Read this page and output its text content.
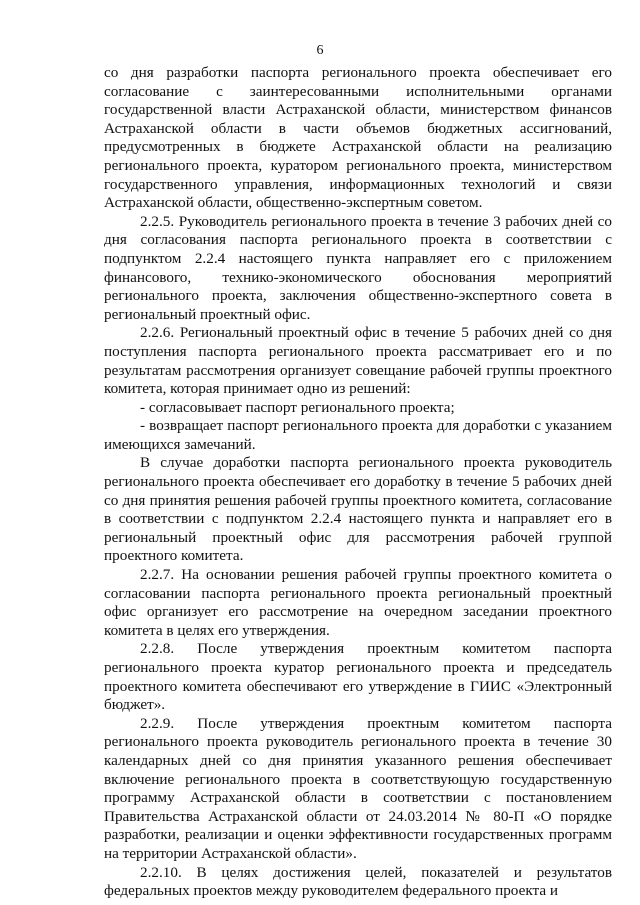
6

со дня разработки паспорта регионального проекта обеспечивает его согласование с заинтересованными исполнительными органами государственной власти Астраханской области, министерством финансов Астраханской области в части объемов бюджетных ассигнований, предусмотренных в бюджете Астраханской области на реализацию регионального проекта, куратором регионального проекта, министерством государственного управления, информационных технологий и связи Астраханской области, общественно-экспертным советом.

2.2.5. Руководитель регионального проекта в течение 3 рабочих дней со дня согласования паспорта регионального проекта в соответствии с подпунктом 2.2.4 настоящего пункта направляет его с приложением финансового, технико-экономического обоснования мероприятий регионального проекта, заключения общественно-экспертного совета в региональный проектный офис.

2.2.6. Региональный проектный офис в течение 5 рабочих дней со дня поступления паспорта регионального проекта рассматривает его и по результатам рассмотрения организует совещание рабочей группы проектного комитета, которая принимает одно из решений:

- согласовывает паспорт регионального проекта;

- возвращает паспорт регионального проекта для доработки с указанием имеющихся замечаний.

В случае доработки паспорта регионального проекта руководитель регионального проекта обеспечивает его доработку в течение 5 рабочих дней со дня принятия решения рабочей группы проектного комитета, согласование в соответствии с подпунктом 2.2.4 настоящего пункта и направляет его в региональный проектный офис для рассмотрения рабочей группой проектного комитета.

2.2.7. На основании решения рабочей группы проектного комитета о согласовании паспорта регионального проекта региональный проектный офис организует его рассмотрение на очередном заседании проектного комитета в целях его утверждения.

2.2.8. После утверждения проектным комитетом паспорта регионального проекта куратор регионального проекта и председатель проектного комитета обеспечивают его утверждение в ГИИС «Электронный бюджет».

2.2.9. После утверждения проектным комитетом паспорта регионального проекта руководитель регионального проекта в течение 30 календарных дней со дня принятия указанного решения обеспечивает включение регионального проекта в соответствующую государственную программу Астраханской области в соответствии с постановлением Правительства Астраханской области от 24.03.2014 № 80-П «О порядке разработки, реализации и оценки эффективности государственных программ на территории Астраханской области».

2.2.10. В целях достижения целей, показателей и результатов федеральных проектов между руководителем федерального проекта и
